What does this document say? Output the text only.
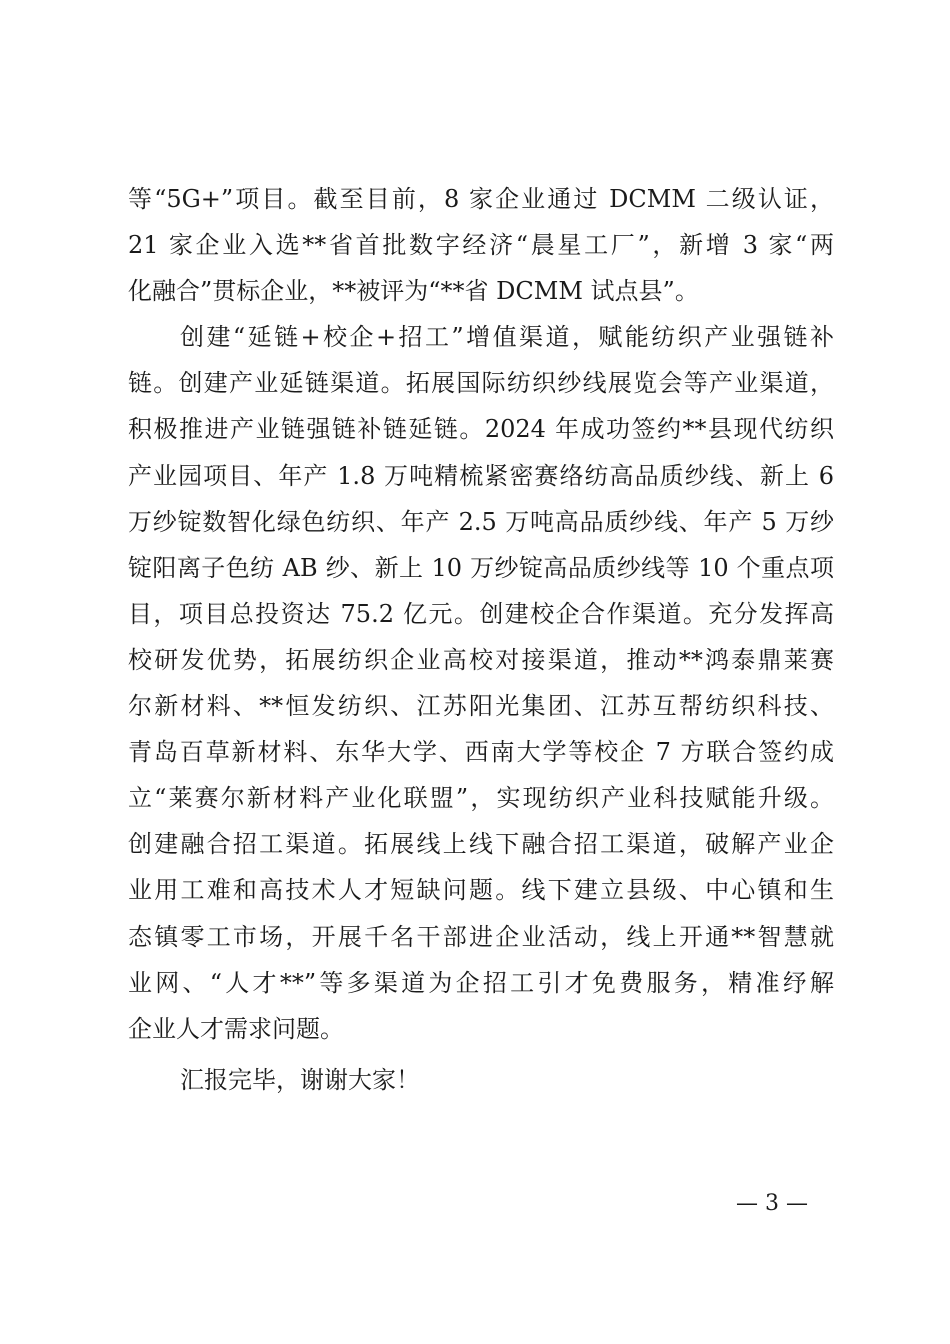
等“5G+”项目。截至目前，8 家企业通过 DCMM 二级认证，
21 家企业入选**省首批数字经济“晨星工厂”，新增 3 家“两
化融合”贯标企业，**被评为“**省 DCMM 试点县”。
创建“延链+校企+招工”增值渠道，赋能纺织产业强链补
链。创建产业延链渠道。拓展国际纺织纱线展览会等产业渠道，
积极推进产业链强链补链延链。2024 年成功签约**县现代纺织
产业园项目、年产 1.8 万吨精梳紧密赛络纺高品质纱线、新上 6
万纱锭数智化绿色纺织、年产 2.5 万吨高品质纱线、年产 5 万纱
锭阳离子色纺 AB 纱、新上 10 万纱锭高品质纱线等 10 个重点项
目，项目总投资达 75.2 亿元。创建校企合作渠道。充分发挥高
校研发优势，拓展纺织企业高校对接渠道，推动**鸿泰鼎莱赛
尔新材料、**恒发纺织、江苏阳光集团、江苏互帮纺织科技、
青岛百草新材料、东华大学、西南大学等校企 7 方联合签约成
立“莱赛尔新材料产业化联盟”，实现纺织产业科技赋能升级。
创建融合招工渠道。拓展线上线下融合招工渠道，破解产业企
业用工难和高技术人才短缺问题。线下建立县级、中心镇和生
态镇零工市场，开展千名干部进企业活动，线上开通**智慧就
业网、“人才**”等多渠道为企招工引才免费服务，精准纾解
企业人才需求问题。
汇报完毕，谢谢大家！
— 3 —
